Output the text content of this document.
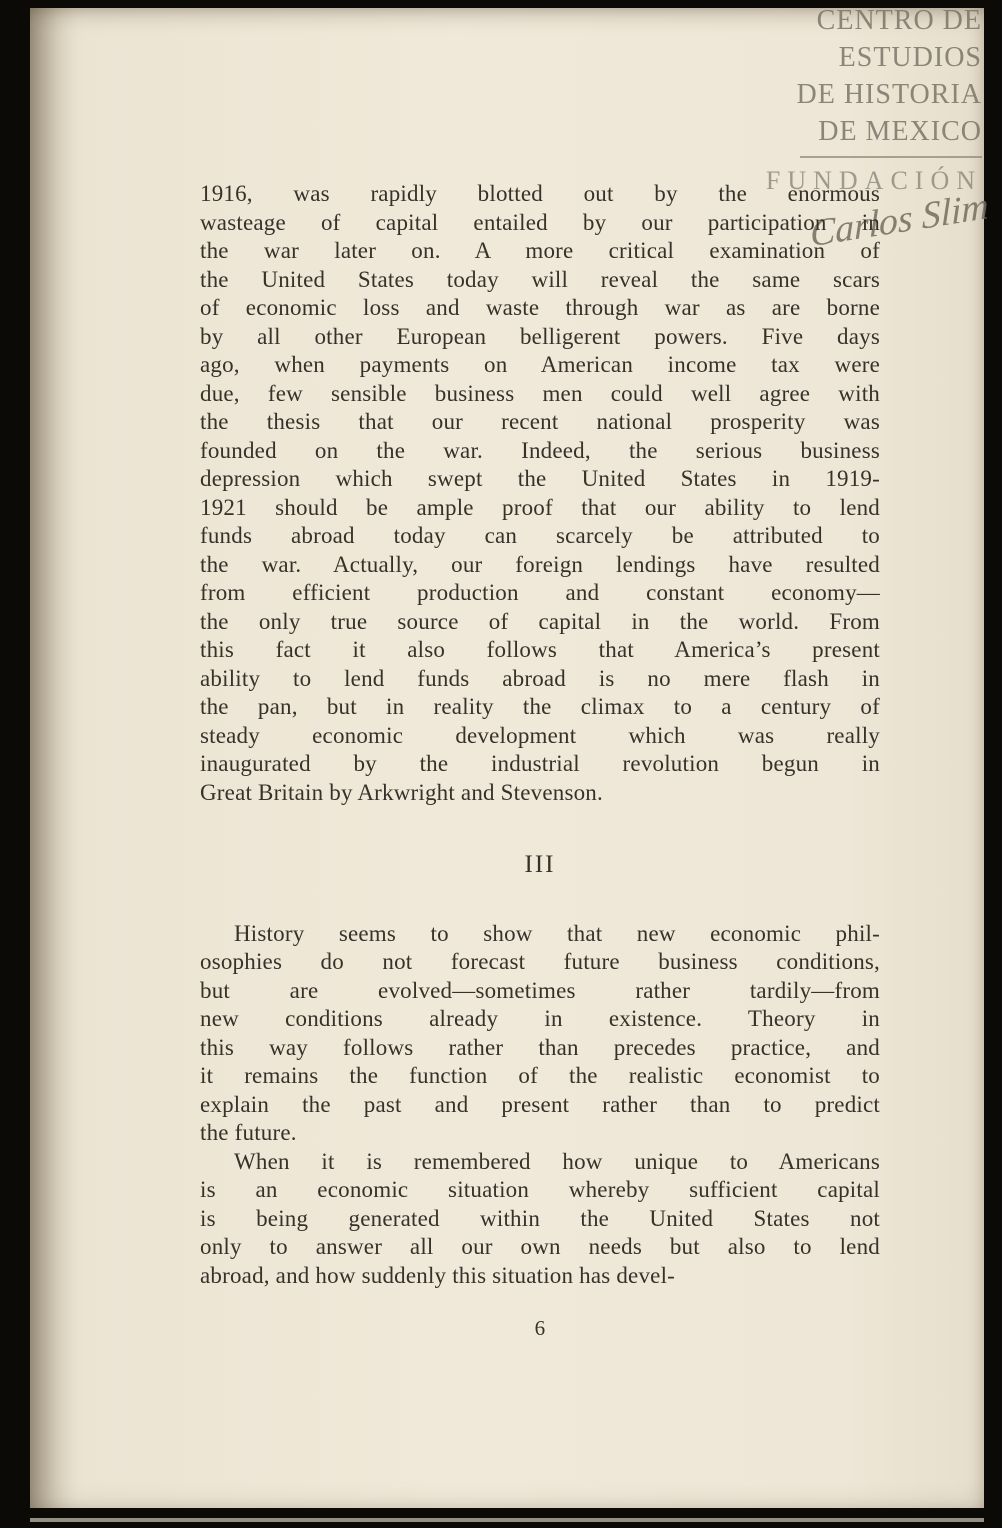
CENTRO DE
ESTUDIOS
DE HISTORIA
DE MEXICO
FUNDACIÓN
Carlos Slim
1916, was rapidly blotted out by the enormous
wasteage of capital entailed by our participation in
the war later on. A more critical examination of
the United States today will reveal the same scars
of economic loss and waste through war as are borne
by all other European belligerent powers. Five days
ago, when payments on American income tax were
due, few sensible business men could well agree with
the thesis that our recent national prosperity was
founded on the war. Indeed, the serious business
depression which swept the United States in 1919-
1921 should be ample proof that our ability to lend
funds abroad today can scarcely be attributed to
the war. Actually, our foreign lendings have resulted
from efficient production and constant economy—
the only true source of capital in the world. From
this fact it also follows that America’s present
ability to lend funds abroad is no mere flash in
the pan, but in reality the climax to a century of
steady economic development which was really
inaugurated by the industrial revolution begun in
Great Britain by Arkwright and Stevenson.
III
History seems to show that new economic phil-
osophies do not forecast future business conditions,
but are evolved—sometimes rather tardily—from
new conditions already in existence. Theory in
this way follows rather than precedes practice, and
it remains the function of the realistic economist to
explain the past and present rather than to predict
the future.
When it is remembered how unique to Americans
is an economic situation whereby sufficient capital
is being generated within the United States not
only to answer all our own needs but also to lend
abroad, and how suddenly this situation has devel-
6
